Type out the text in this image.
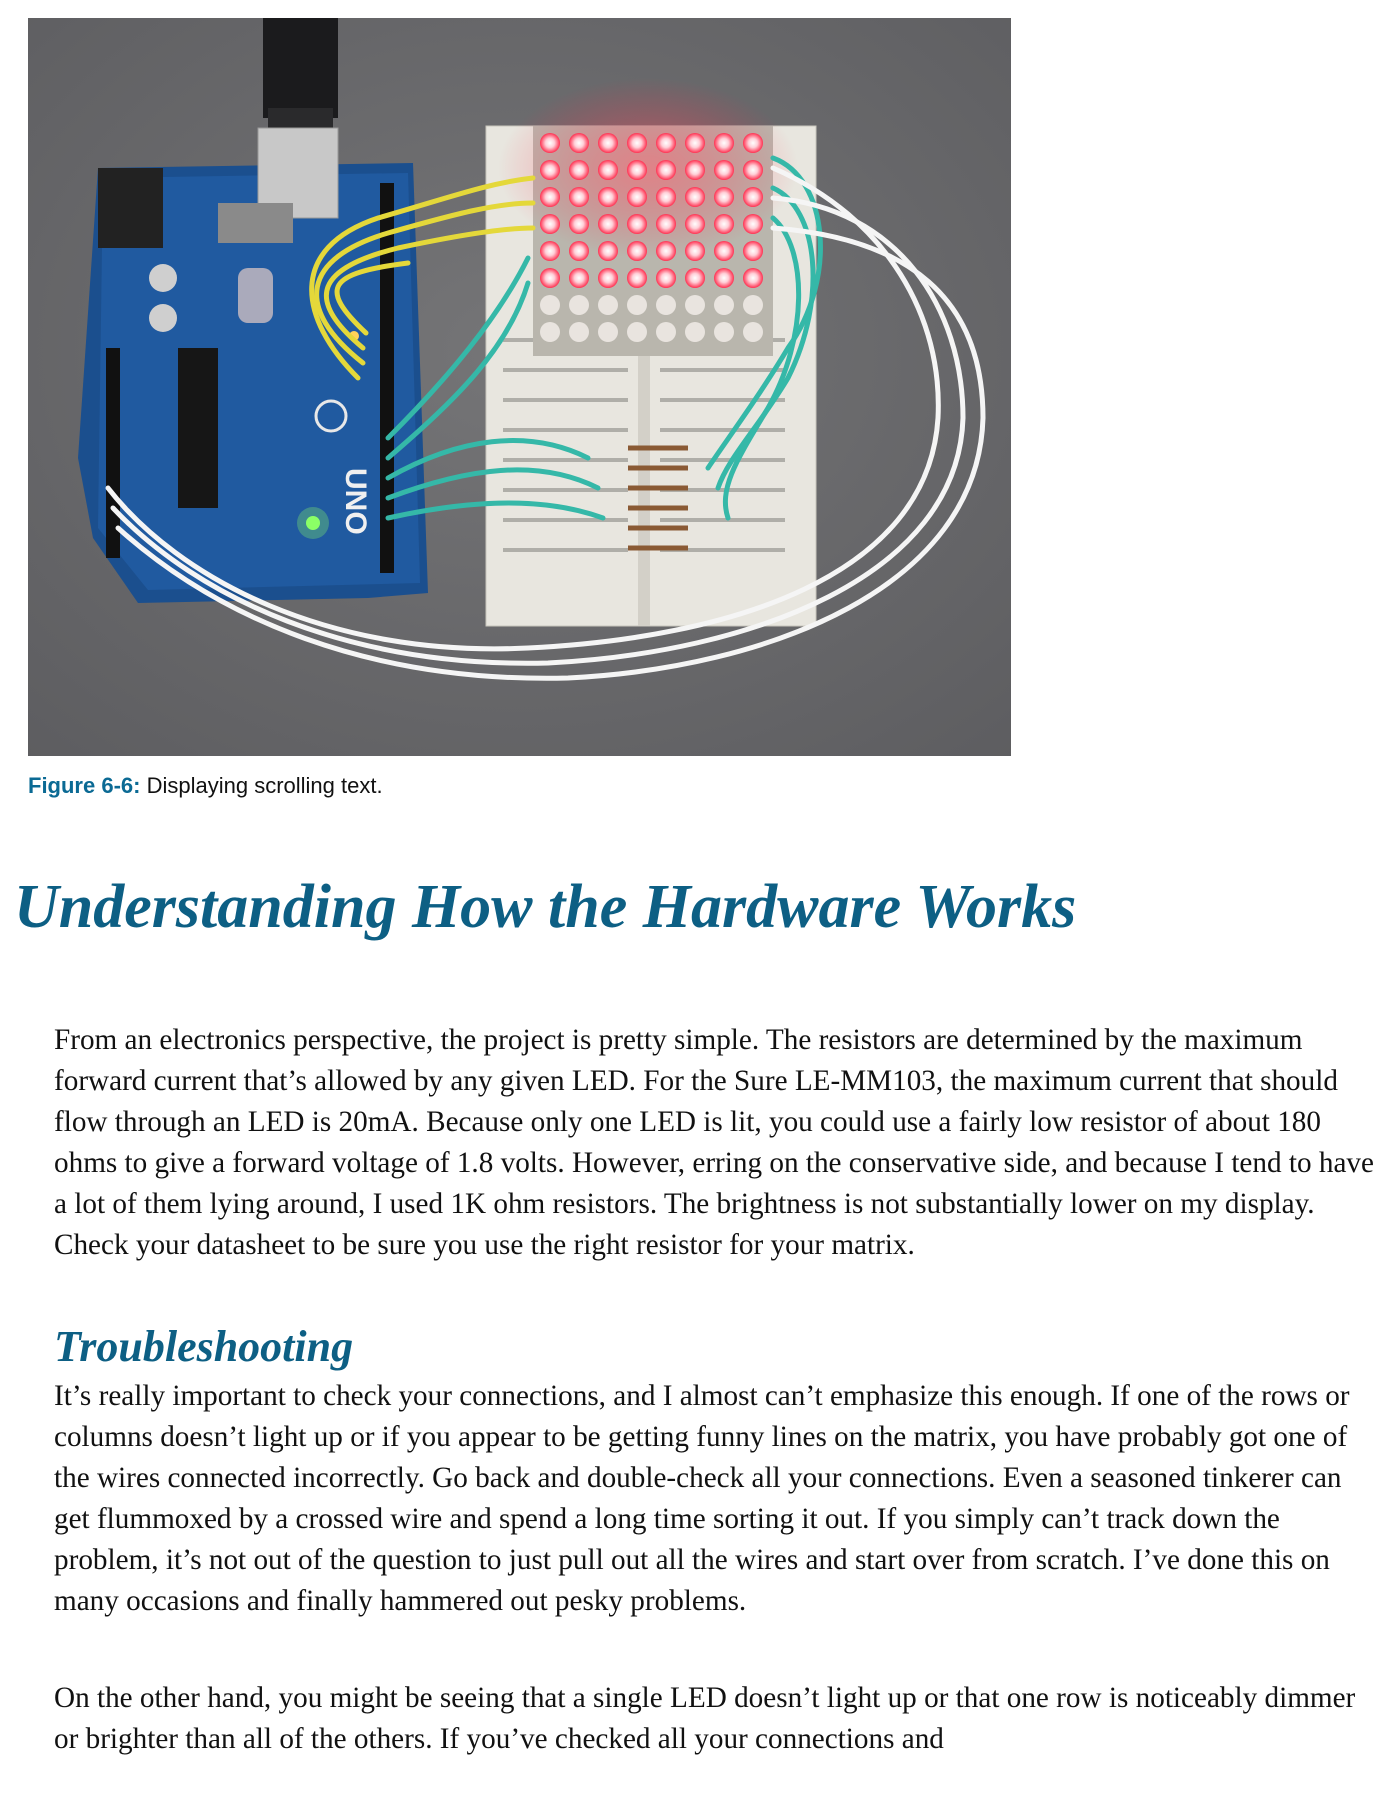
UNO
Figure 6-6: Displaying scrolling text.
Understanding How the Hardware Works

From an electronics perspective, the project is pretty simple. The resistors are determined by the maximum forward current that’s allowed by any given LED. For the Sure LE-MM103, the maximum current that should flow through an LED is 20mA. Because only one LED is lit, you could use a fairly low resistor of about 180 ohms to give a forward voltage of 1.8 volts. However, erring on the conservative side, and because I tend to have a lot of them lying around, I used 1K ohm resistors. The brightness is not substantially lower on my display. Check your datasheet to be sure you use the right resistor for your matrix.

Troubleshooting

It’s really important to check your connections, and I almost can’t emphasize this enough. If one of the rows or columns doesn’t light up or if you appear to be getting funny lines on the matrix, you have probably got one of the wires connected incorrectly. Go back and double-check all your connections. Even a seasoned tinkerer can get flummoxed by a crossed wire and spend a long time sorting it out. If you simply can’t track down the problem, it’s not out of the question to just pull out all the wires and start over from scratch. I’ve done this on many occasions and finally hammered out pesky problems.

On the other hand, you might be seeing that a single LED doesn’t light up or that one row is noticeably dimmer or brighter than all of the others. If you’ve checked all your connections and
